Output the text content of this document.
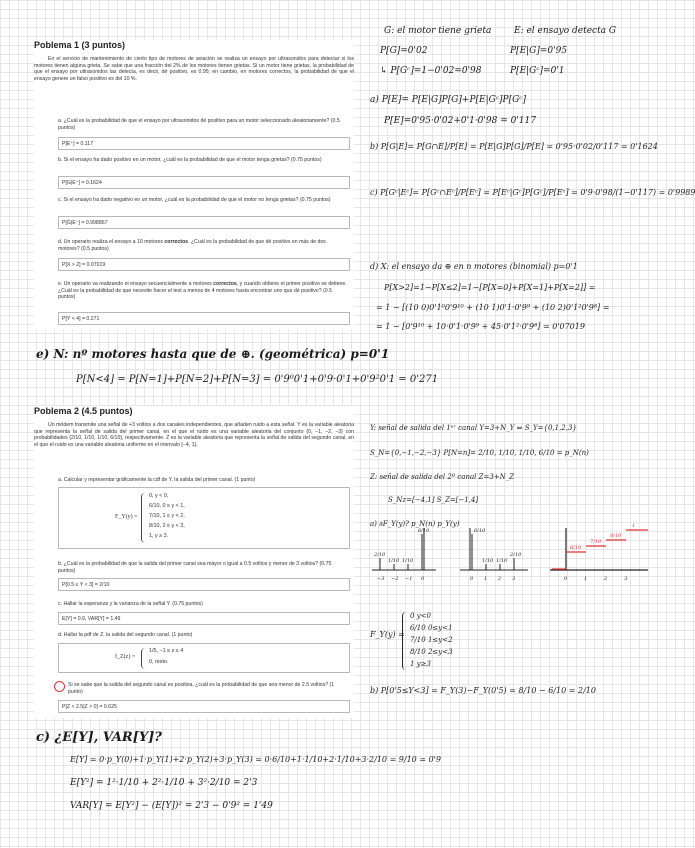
Poblema 1 (3 puntos)

En el servicio de mantenimiento de cierto tipo de motores de aviación se realiza un ensayo por ultrasonidos para detectar si los motores tienen alguna grieta. Se sabe que una fracción del 2% de los motores tienen grietas. Si un motor tiene grietas, la probabilidad de que el ensayo por ultrasonidos las detecta, es decir, dé positivo, es 0.95; en cambio, en motores correctos, la probabilidad de que el ensayo genere un falso positivo es del 10 %.

a. ¿Cuál es la probabilidad de que el ensayo por ultrasonidos dé positivo para un motor seleccionado aleatoriamente? (0.5 puntos)
P[E⁺] = 0.117
b. Si el ensayo ha dado positivo en un motor, ¿cuál es la probabilidad de que el motor tenga grietas? (0.75 puntos)
P[G|E⁺] = 0.1624
c. Si el ensayo ha dado negativo en un motor, ¿cuál es la probabilidad de que el motor no tenga grietas? (0.75 puntos)
P[Ḡ|E⁻] = 0.998867
d. Un operario realiza el ensayo a 10 motores correctos. ¿Cuál es la probabilidad de que dé positivo en más de dos motores? (0.5 puntos)
P[X > 2] = 0.07019
e. Un operario va realizando el ensayo secuencialmente a motores correctos, y cuando obtiene el primer positivo se detiene. ¿Cuál es la probabilidad de que necesite hacer el test a menos de 4 motores hasta encontrar uno que dé positivo? (0.5 puntos)
P[Y < 4] = 0.271
Poblema 2 (4.5 puntos)

Un módem transmite una señal de +3 voltios a dos canales independientes, que añaden ruido a esta señal. Y es la variable aleatoria que representa la señal de salida del primer canal, en el que el ruido es una variable aleatoria del conjunto {0, −1, −2, −3} con probabilidades {2/10, 1/10, 1/10, 6/10}, respectivamente. Z es la variable aleatoria que representa la señal de salida del segundo canal, en el que el ruido es una variable aleatoria uniforme en el intervalo [−4, 1].

a. Calcular y representar gráficamente la cdf de Y, la salida del primer canal. (1 punto)
F_Y(y) =
0, y < 0,
6/10, 0 ≤ y < 1,
7/10, 1 ≤ y < 2,
8/10, 2 ≤ y < 3,
1, y ≥ 3.
b. ¿Cuál es la probabilidad de que la salida del primer canal sea mayor o igual a 0.5 voltios y menor de 3 voltios? (0.75 puntos)
P[0.5 ≤ Y < 3] = 2/10
c. Hallar la esperanza y la varianza de la señal Y. (0.75 puntos)
E[Y] = 0.9, VAR[Y] = 1.49
d. Hallar la pdf de Z, la salida del segundo canal. (1 punto)
f_Z(z) =
1/5, −1 ≤ z ≤ 4
0, resto.
Si se sabe que la salida del segundo canal es positiva, ¿cuál es la probabilidad de que sea menor de 2.5 voltios? (1 punto)
P[Z < 2.5|Z > 0] = 0.625
G: el motor tiene grieta	E: el ensayo detecta G
P[G]=0'02	P[E|G]=0'95
↳ P[Gᶜ]=1−0'02=0'98	P[E|Gᶜ]=0'1
a) P[E]= P[E|G]P[G]+P[E|Gᶜ]P[Gᶜ]
P[E]=0'95·0'02+0'1·0'98 = 0'117
b) P[G|E]= P[G∩E]/P[E] = P[E|G]P[G]/P[E] = 0'95·0'02/0'117 = 0'1624
c) P[Gᶜ|Eᶜ]= P[Gᶜ∩Eᶜ]/P[Eᶜ] = P[Eᶜ|Gᶜ]P[Gᶜ]/P[Eᶜ] = 0'9·0'98/(1−0'117) = 0'9989
d) X: el ensayo da ⊕ en n motores (binomial) p=0'1
P[X>2]=1−P[X≤2]=1−[P[X=0]+P[X=1]+P[X=2]] =
= 1 − [(10 0)0'1⁰0'9¹⁰ + (10 1)0'1·0'9⁹ + (10 2)0'1²0'9⁸] =
= 1 − [0'9¹⁰ + 10·0'1·0'9⁹ + 45·0'1²·0'9⁸] = 0'07019
e) N: nº motores hasta que de ⊕. (geométrica) p=0'1
P[N<4] = P[N=1]+P[N=2]+P[N=3] = 0'9⁰0'1+0'9·0'1+0'9²0'1 = 0'271
Y: señal de salida del 1ᵉʳ canal Y=3+N_Y ⇒ S_Y={0,1,2,3}
S_N={0,−1,−2,−3} P[N=n]= 2/10, 1/10, 1/10, 6/10 = p_N(n)
Z: señal de salida del 2º canal Z=3+N_Z
S_Nz=[−4,1] S_Z=[−1,4]
a) ∂F_Y(y)? p_N(n) p_Y(y)
−3 −2 −1 0
6/10
2/10
1/10 1/10
0 1 2 3
6/10
1/10 1/10
2/10
0	1	2	3
6/10
7/10
8/10
1
F_Y(y) =
0 y<0
6/10 0≤y<1
7/10 1≤y<2
8/10 2≤y<3
1 y≥3
b) P[0'5≤Y<3] = F_Y(3)−F_Y(0'5) = 8/10 − 6/10 = 2/10
c) ¿E[Y], VAR[Y]?
E[Y] = 0·p_Y(0)+1·p_Y(1)+2·p_Y(2)+3·p_Y(3) = 0·6/10+1·1/10+2·1/10+3·2/10 = 9/10 = 0'9
E[Y²] = 1²·1/10 + 2²·1/10 + 3²·2/10 = 2'3
VAR[Y] = E[Y²] − (E[Y])² = 2'3 − 0'9² = 1'49
